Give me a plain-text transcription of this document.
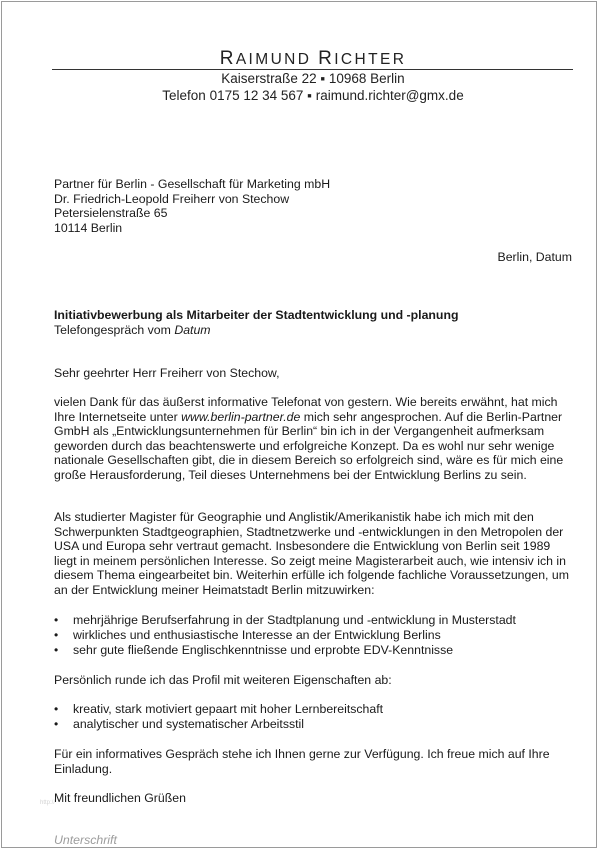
RAIMUND RICHTER
Kaiserstraße 22 ▪ 10968 Berlin
Telefon 0175 12 34 567 ▪ raimund.richter@gmx.de
Partner für Berlin - Gesellschaft für Marketing mbH
Dr. Friedrich-Leopold Freiherr von Stechow
Petersielenstraße 65
10114 Berlin
Berlin, Datum
Initiativbewerbung als Mitarbeiter der Stadtentwicklung und -planung
Telefongespräch vom Datum
Sehr geehrter Herr Freiherr von Stechow,
vielen Dank für das äußerst informative Telefonat von gestern. Wie bereits erwähnt, hat mich Ihre Internetseite unter www.berlin-partner.de mich sehr angesprochen. Auf die Berlin-Partner GmbH als „Entwicklungsunternehmen für Berlin“ bin ich in der Vergangenheit aufmerksam geworden durch das beachtenswerte und erfolgreiche Konzept. Da es wohl nur sehr wenige nationale Gesellschaften gibt, die in diesem Bereich so erfolgreich sind, wäre es für mich eine große Herausforderung, Teil dieses Unternehmens bei der Entwicklung Berlins zu sein.
Als studierter Magister für Geographie und Anglistik/Amerikanistik habe ich mich mit den Schwerpunkten Stadtgeographien, Stadtnetzwerke und -entwicklungen in den Metropolen der USA und Europa sehr vertraut gemacht. Insbesondere die Entwicklung von Berlin seit 1989 liegt in meinem persönlichen Interesse. So zeigt meine Magisterarbeit auch, wie intensiv ich in diesem Thema eingearbeitet bin. Weiterhin erfülle ich folgende fachliche Voraussetzungen, um an der Entwicklung meiner Heimatstadt Berlin mitzuwirken:
• mehrjährige Berufserfahrung in der Stadtplanung und -entwicklung in Musterstadt
• wirkliches und enthusiastische Interesse an der Entwicklung Berlins
• sehr gute fließende Englischkenntnisse und erprobte EDV-Kenntnisse
Persönlich runde ich das Profil mit weiteren Eigenschaften ab:
• kreativ, stark motiviert gepaart mit hoher Lernbereitschaft
• analytischer und systematischer Arbeitsstil
Für ein informatives Gespräch stehe ich Ihnen gerne zur Verfügung. Ich freue mich auf Ihre Einladung.
Mit freundlichen Grüßen
http://
Unterschrift
